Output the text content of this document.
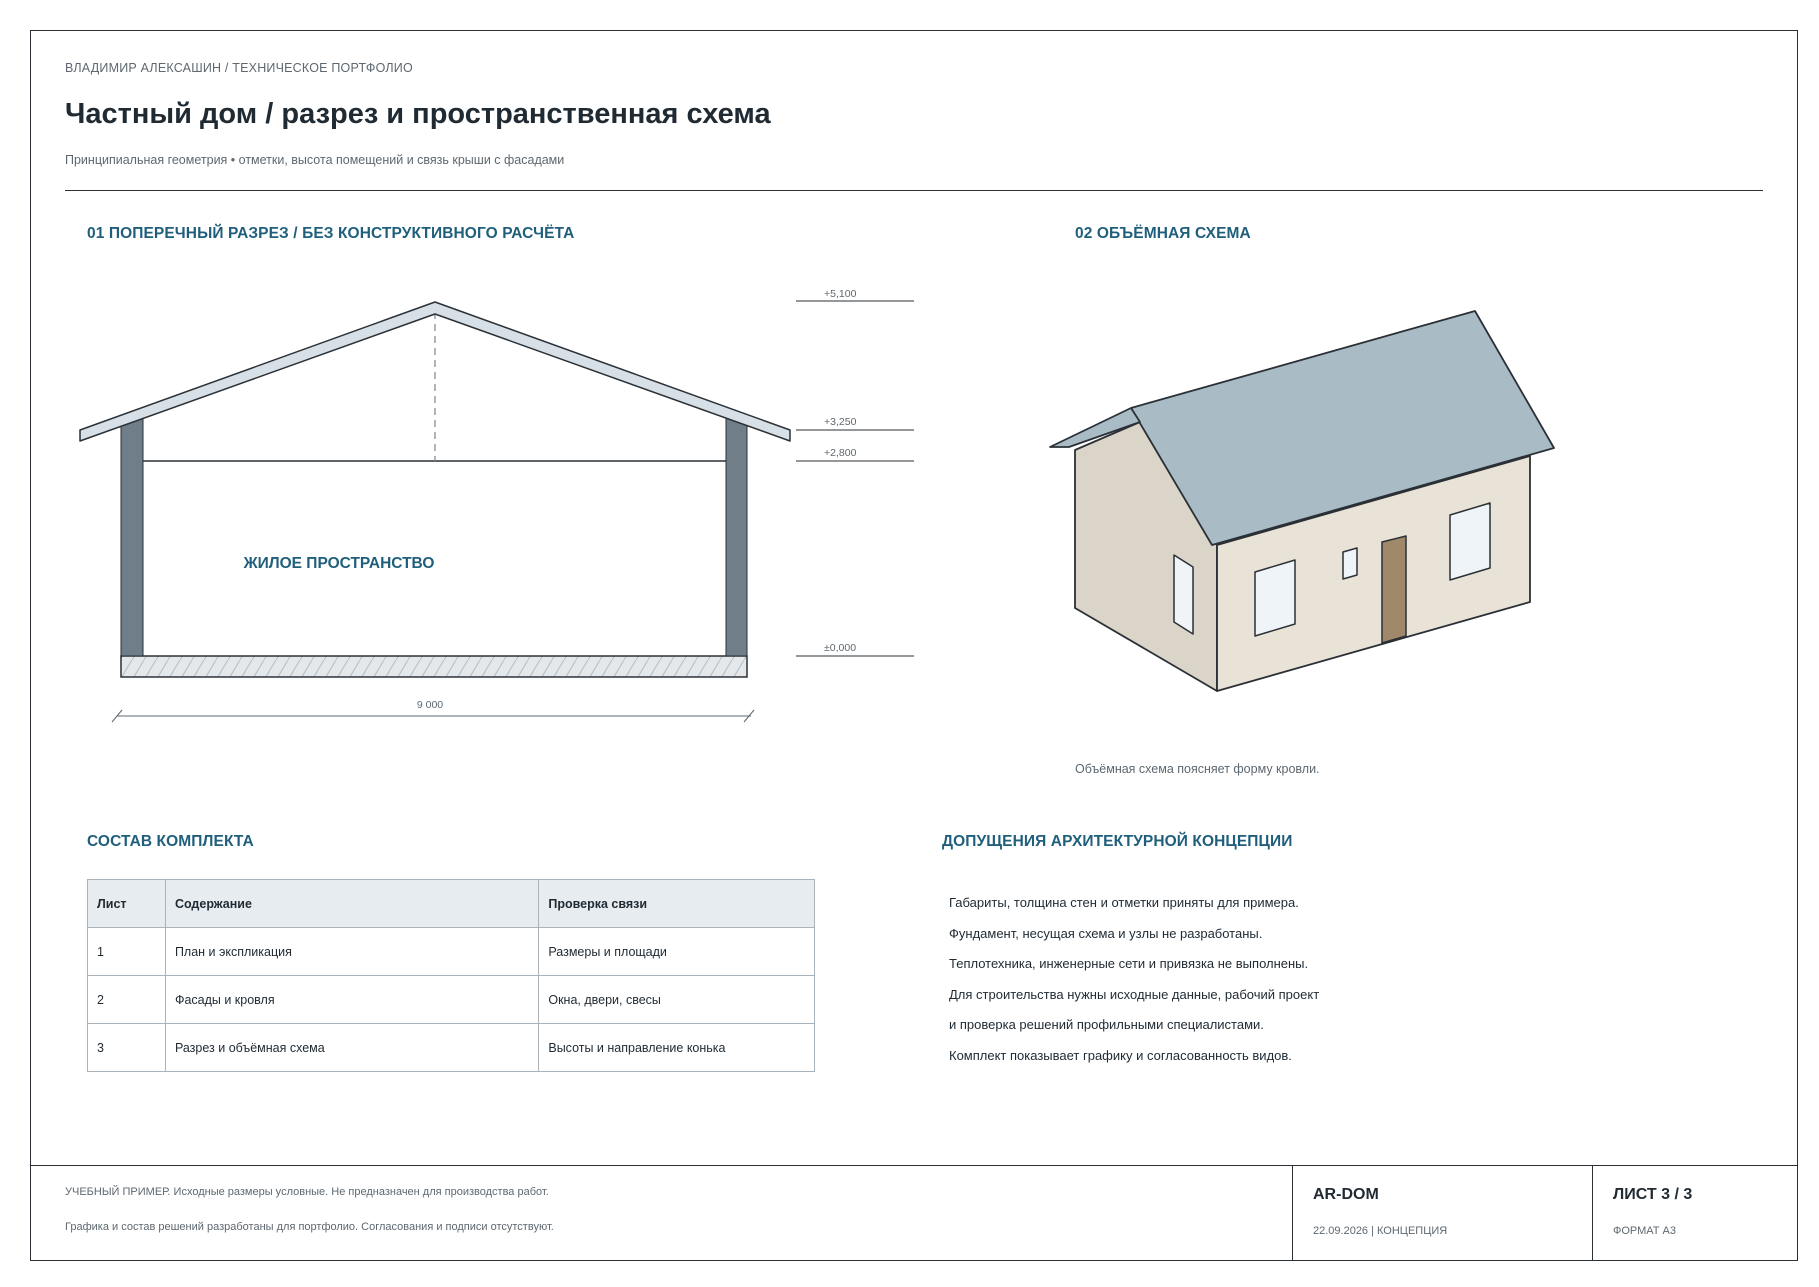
ВЛАДИМИР АЛЕКСАШИН / ТЕХНИЧЕСКОЕ ПОРТФОЛИО
Частный дом / разрез и пространственная схема
Принципиальная геометрия • отметки, высота помещений и связь крыши с фасадами
01 ПОПЕРЕЧНЫЙ РАЗРЕЗ / БЕЗ КОНСТРУКТИВНОГО РАСЧЁТА	02 ОБЪЁМНАЯ СХЕМА
ЖИЛОЕ ПРОСТРАНСТВО
9 000
+5,100
+3,250
+2,800
±0,000
Объёмная схема поясняет форму кровли.
СОСТАВ КОМПЛЕКТА
Лист	Содержание	Проверка связи
1	План и экспликация	Размеры и площади
2	Фасады и кровля	Окна, двери, свесы
3	Разрез и объёмная схема	Высоты и направление конька
ДОПУЩЕНИЯ АРХИТЕКТУРНОЙ КОНЦЕПЦИИ
Габариты, толщина стен и отметки приняты для примера.
Фундамент, несущая схема и узлы не разработаны.
Теплотехника, инженерные сети и привязка не выполнены.
Для строительства нужны исходные данные, рабочий проект
и проверка решений профильными специалистами.
Комплект показывает графику и согласованность видов.
УЧЕБНЫЙ ПРИМЕР. Исходные размеры условные. Не предназначен для производства работ.
Графика и состав решений разработаны для портфолио. Согласования и подписи отсутствуют.
AR-DOM
22.09.2026 | КОНЦЕПЦИЯ
ЛИСТ 3 / 3
ФОРМАТ А3
